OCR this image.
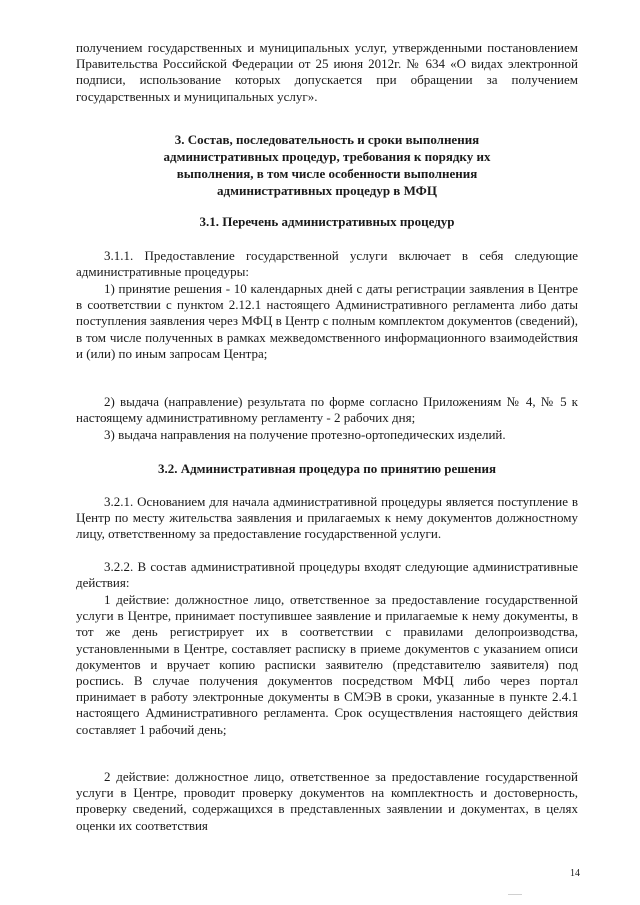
получением государственных и муниципальных услуг, утвержденными постановлением Правительства Российской Федерации от 25 июня 2012г. № 634 «О видах электронной подписи, использование которых допускается при обращении за получением государственных и муниципальных услуг».

3. Состав, последовательность и сроки выполнения административных процедур, требования к порядку их выполнения, в том числе особенности выполнения административных процедур в МФЦ

3.1. Перечень административных процедур

3.1.1. Предоставление государственной услуги включает в себя следующие административные процедуры:

1) принятие решения - 10 календарных дней с даты регистрации заявления в Центре в соответствии с пунктом 2.12.1 настоящего Административного регламента либо даты поступления заявления через МФЦ в Центр с полным комплектом документов (сведений), в том числе полученных в рамках межведомственного информационного взаимодействия и (или) по иным запросам Центра;

2) выдача (направление) результата по форме согласно Приложениям № 4, № 5 к настоящему административному регламенту - 2 рабочих дня;

3) выдача направления на получение протезно-ортопедических изделий.

3.2. Административная процедура по принятию решения

3.2.1. Основанием для начала административной процедуры является поступление в Центр по месту жительства заявления и прилагаемых к нему документов должностному лицу, ответственному за предоставление государственной услуги.

3.2.2. В состав административной процедуры входят следующие административные действия:

1 действие: должностное лицо, ответственное за предоставление государственной услуги в Центре, принимает поступившее заявление и прилагаемые к нему документы, в тот же день регистрирует их в соответствии с правилами делопроизводства, установленными в Центре, составляет расписку в приеме документов с указанием описи документов и вручает копию расписки заявителю (представителю заявителя) под роспись. В случае получения документов посредством МФЦ либо через портал принимает в работу электронные документы в СМЭВ в сроки, указанные в пункте 2.4.1 настоящего Административного регламента. Срок осуществления настоящего действия составляет 1 рабочий день;

2 действие: должностное лицо, ответственное за предоставление государственной услуги в Центре, проводит проверку документов на комплектность и достоверность, проверку сведений, содержащихся в представленных заявлении и документах, в целях оценки их соответствия

14
